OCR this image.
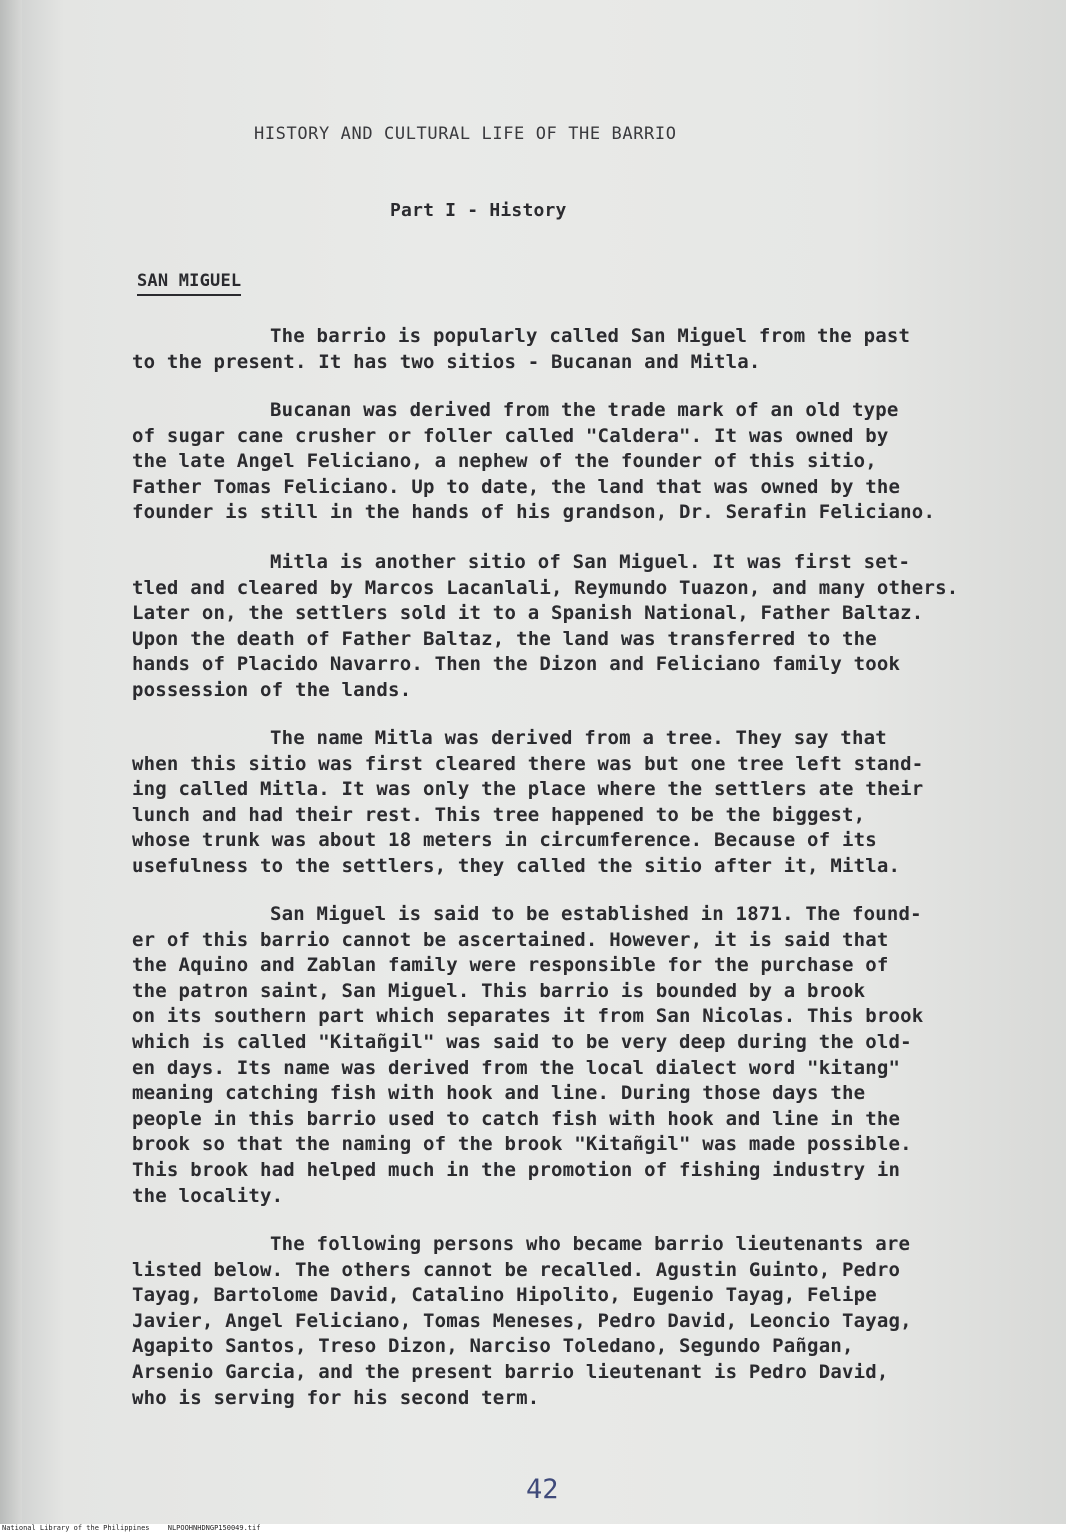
HISTORY AND CULTURAL LIFE OF THE BARRIO
Part I - History
SAN MIGUEL
The barrio is popularly called San Miguel from the past
to the present. It has two sitios - Bucanan and Mitla.
Bucanan was derived from the trade mark of an old type
of sugar cane crusher or foller called "Caldera". It was owned by
the late Angel Feliciano, a nephew of the founder of this sitio,
Father Tomas Feliciano. Up to date, the land that was owned by the
founder is still in the hands of his grandson, Dr. Serafin Feliciano.
Mitla is another sitio of San Miguel. It was first set-
tled and cleared by Marcos Lacanlali, Reymundo Tuazon, and many others.
Later on, the settlers sold it to a Spanish National, Father Baltaz.
Upon the death of Father Baltaz, the land was transferred to the
hands of Placido Navarro. Then the Dizon and Feliciano family took
possession of the lands.
The name Mitla was derived from a tree. They say that
when this sitio was first cleared there was but one tree left stand-
ing called Mitla. It was only the place where the settlers ate their
lunch and had their rest. This tree happened to be the biggest,
whose trunk was about 18 meters in circumference. Because of its
usefulness to the settlers, they called the sitio after it, Mitla.
San Miguel is said to be established in 1871. The found-
er of this barrio cannot be ascertained. However, it is said that
the Aquino and Zablan family were responsible for the purchase of
the patron saint, San Miguel. This barrio is bounded by a brook
on its southern part which separates it from San Nicolas. This brook
which is called "Kitañgil" was said to be very deep during the old-
en days. Its name was derived from the local dialect word "kitang"
meaning catching fish with hook and line. During those days the
people in this barrio used to catch fish with hook and line in the
brook so that the naming of the brook "Kitañgil" was made possible.
This brook had helped much in the promotion of fishing industry in
the locality.
The following persons who became barrio lieutenants are
listed below. The others cannot be recalled. Agustin Guinto, Pedro
Tayag, Bartolome David, Catalino Hipolito, Eugenio Tayag, Felipe
Javier, Angel Feliciano, Tomas Meneses, Pedro David, Leoncio Tayag,
Agapito Santos, Treso Dizon, Narciso Toledano, Segundo Pañgan,
Arsenio Garcia, and the present barrio lieutenant is Pedro David,
who is serving for his second term.
42
National Library of the Philippines	NLPOOHNHDNGP150049.tif
